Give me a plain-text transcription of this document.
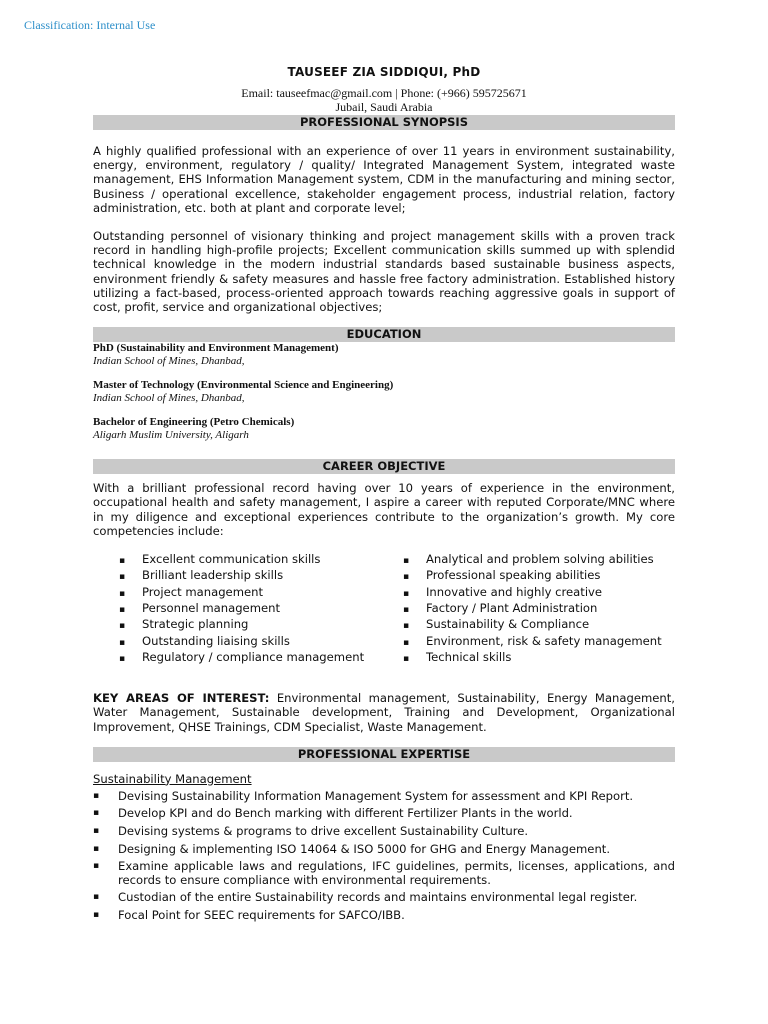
Classification: Internal Use

TAUSEEF ZIA SIDDIQUI, PhD

Email: tauseefmac@gmail.com | Phone: (+966) 595725671

Jubail, Saudi Arabia

PROFESSIONAL SYNOPSIS

A highly qualified professional with an experience of over 11 years in environment sustainability, energy, environment, regulatory / quality/ Integrated Management System, integrated waste management, EHS Information Management system, CDM in the manufacturing and mining sector, Business / operational excellence, stakeholder engagement process, industrial relation, factory administration, etc. both at plant and corporate level;

Outstanding personnel of visionary thinking and project management skills with a proven track record in handling high-profile projects; Excellent communication skills summed up with splendid technical knowledge in the modern industrial standards based sustainable business aspects, environment friendly & safety measures and hassle free factory administration. Established history utilizing a fact-based, process-oriented approach towards reaching aggressive goals in support of cost, profit, service and organizational objectives;

EDUCATION

PhD (Sustainability and Environment Management)

Indian School of Mines, Dhanbad,

Master of Technology (Environmental Science and Engineering)

Indian School of Mines, Dhanbad,

Bachelor of Engineering (Petro Chemicals)

Aligarh Muslim University, Aligarh

CAREER OBJECTIVE

With a brilliant professional record having over 10 years of experience in the environment, occupational health and safety management, I aspire a career with reputed Corporate/MNC where in my diligence and exceptional experiences contribute to the organization’s growth. My core competencies include:

▪ Excellent communication skills
▪ Brilliant leadership skills
▪ Project management
▪ Personnel management
▪ Strategic planning
▪ Outstanding liaising skills
▪ Regulatory / compliance management
▪ Analytical and problem solving abilities
▪ Professional speaking abilities
▪ Innovative and highly creative
▪ Factory / Plant Administration
▪ Sustainability & Compliance
▪ Environment, risk & safety management
▪ Technical skills

KEY AREAS OF INTEREST: Environmental management, Sustainability, Energy Management, Water Management, Sustainable development, Training and Development, Organizational Improvement, QHSE Trainings, CDM Specialist, Waste Management.

PROFESSIONAL EXPERTISE

Sustainability Management

▪	Devising Sustainability Information Management System for assessment and KPI Report.
▪	Develop KPI and do Bench marking with different Fertilizer Plants in the world.
▪	Devising systems & programs to drive excellent Sustainability Culture.
▪	Designing & implementing ISO 14064 & ISO 5000 for GHG and Energy Management.
▪	Examine applicable laws and regulations, IFC guidelines, permits, licenses, applications, and records to ensure compliance with environmental requirements.
▪	Custodian of the entire Sustainability records and maintains environmental legal register.
▪	Focal Point for SEEC requirements for SAFCO/IBB.
